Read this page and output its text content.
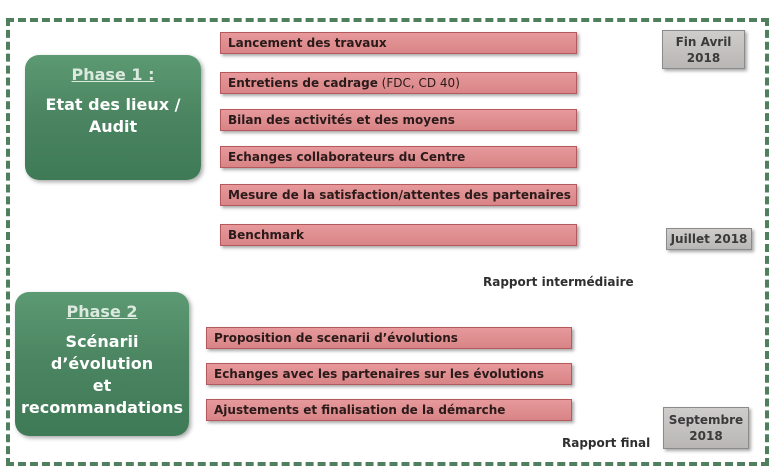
Phase 1 :
Etat des lieux /
Audit
Phase 2
Scénarii d’évolution
et
recommandations
Lancement des travaux
Entretiens de cadrage (FDC, CD 40)
Bilan des activités et des moyens
Echanges collaborateurs du Centre
Mesure de la satisfaction/attentes des partenaires
Benchmark
Proposition de scenarii d’évolutions
Echanges avec les partenaires sur les évolutions
Ajustements et finalisation de la démarche
Fin Avril
2018
Juillet 2018
Septembre
2018
Rapport intermédiaire
Rapport final
